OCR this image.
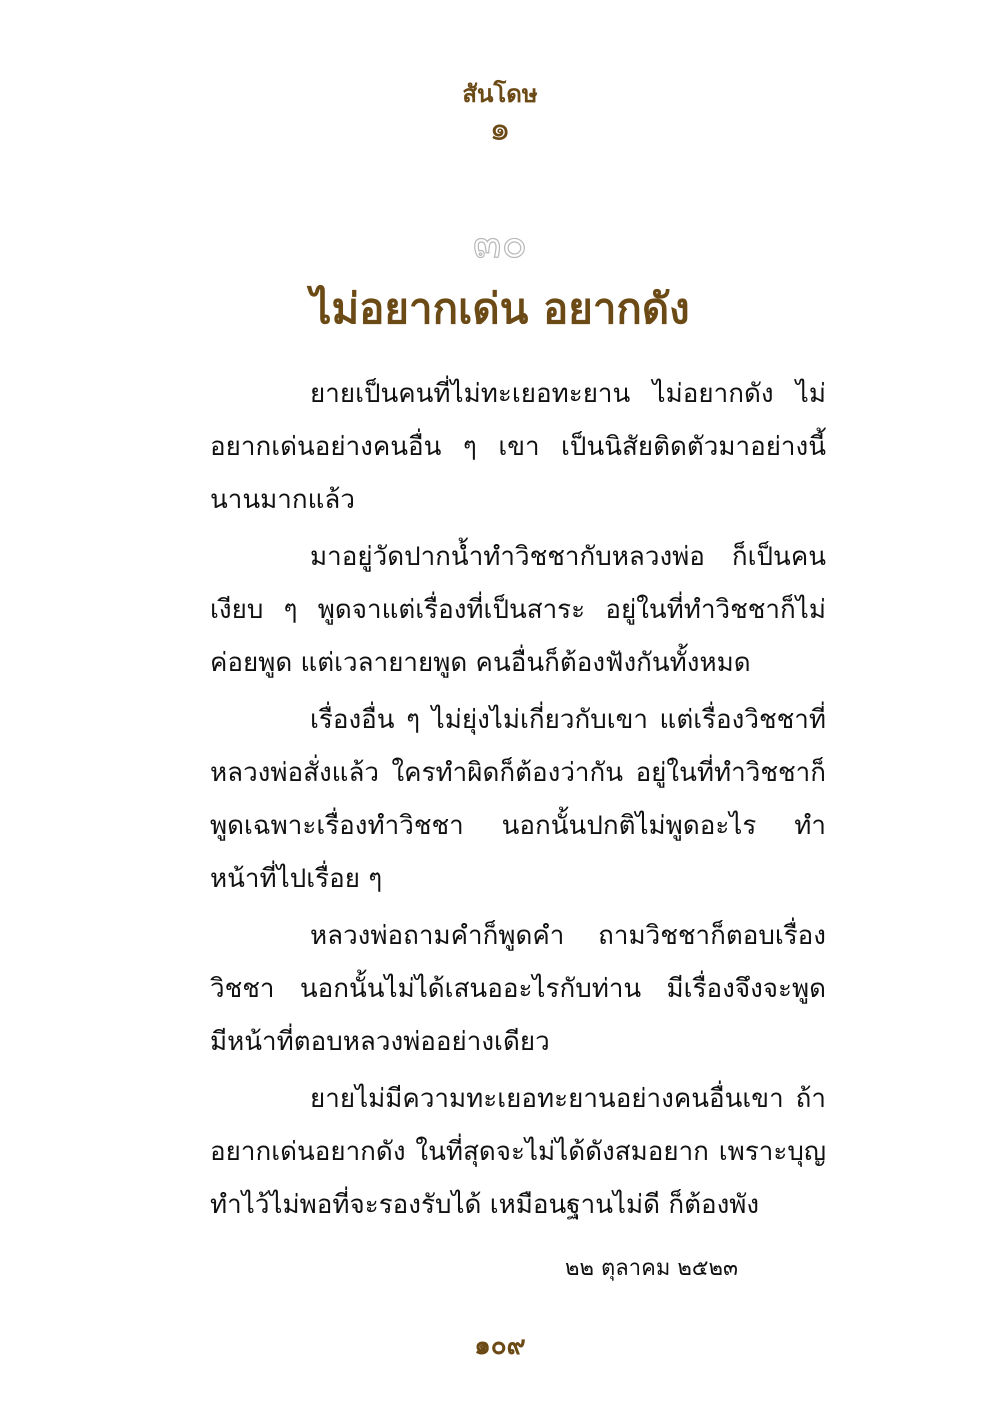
สันโดษ
๑
๓๐
ไม่อยากเด่น อยากดัง

ยายเป็นคนที่ไม่ทะเยอทะยาน ไม่อยากดัง ไม่อยากเด่นอย่างคนอื่น ๆ เขา เป็นนิสัยติดตัวมาอย่างนี้นานมากแล้ว

มาอยู่วัดปากน้ำทำวิชชากับหลวงพ่อ ก็เป็นคนเงียบ ๆ พูดจาแต่เรื่องที่เป็นสาระ อยู่ในที่ทำวิชชาก็ไม่ค่อยพูด แต่เวลายายพูด คนอื่นก็ต้องฟังกันทั้งหมด

เรื่องอื่น ๆ ไม่ยุ่งไม่เกี่ยวกับเขา แต่เรื่องวิชชาที่หลวงพ่อสั่งแล้ว ใครทำผิดก็ต้องว่ากัน อยู่ในที่ทำวิชชาก็พูดเฉพาะเรื่องทำวิชชา นอกนั้นปกติไม่พูดอะไร ทำหน้าที่ไปเรื่อย ๆ

หลวงพ่อถามคำก็พูดคำ ถามวิชชาก็ตอบเรื่องวิชชา นอกนั้นไม่ได้เสนออะไรกับท่าน มีเรื่องจึงจะพูด มีหน้าที่ตอบหลวงพ่ออย่างเดียว

ยายไม่มีความทะเยอทะยานอย่างคนอื่นเขา ถ้าอยากเด่นอยากดัง ในที่สุดจะไม่ได้ดังสมอยาก เพราะบุญทำไว้ไม่พอที่จะรองรับได้ เหมือนฐานไม่ดี ก็ต้องพัง

๒๒ ตุลาคม ๒๕๒๓
๑๐๙
